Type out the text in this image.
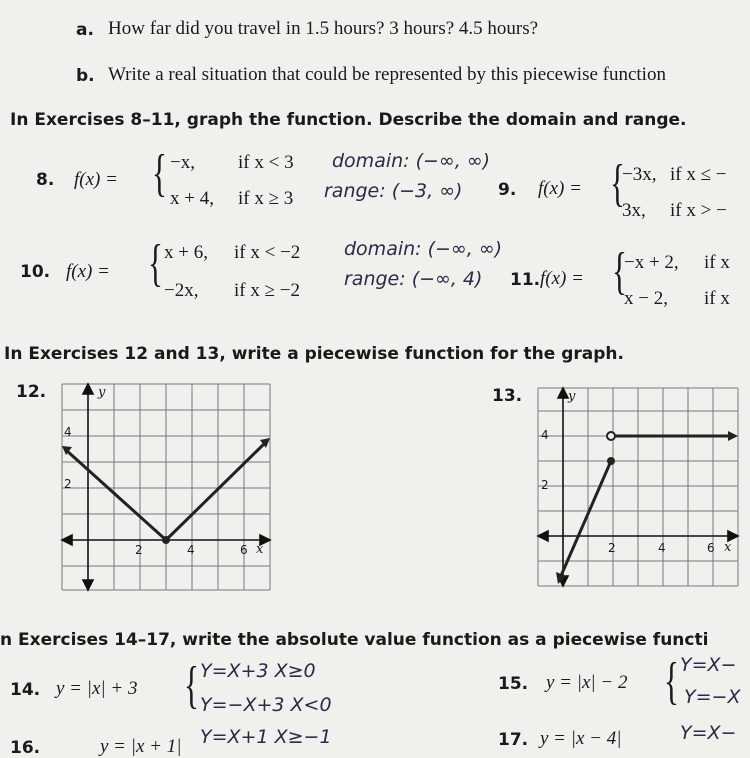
a. How far did you travel in 1.5 hours? 3 hours? 4.5 hours?
b. Write a real situation that could be represented by this piecewise function
In Exercises 8–11, graph the function. Describe the domain and range.
8. f(x) = { −x, if x < 3
x + 4, if x ≥ 3
domain: (−∞, ∞)
range: (−3, ∞) 9. f(x) = {
−3x, if x ≤ −
3x, if x > −
10. f(x) = { x + 6, if x < −2
−2x, if x ≥ −2
domain: (−∞, ∞)
range: (−∞, 4) 11. f(x) = {
−x + 2, if x
x − 2, if x
In Exercises 12 and 13, write a piecewise function for the graph.
12.	y
4
2
2	4	6 x
13.	y
4
2
2	4	6 x
n Exercises 14–17, write the absolute value function as a piecewise functi
14. y = |x| + 3 { Y=X+3 X≥0
Y=−X+3 X<0
15. y = |x| − 2 { Y=X−
Y=−X
16.	y = |x + 1| Y=X+1 X≥−1	17. y = |x − 4|	Y=X−
